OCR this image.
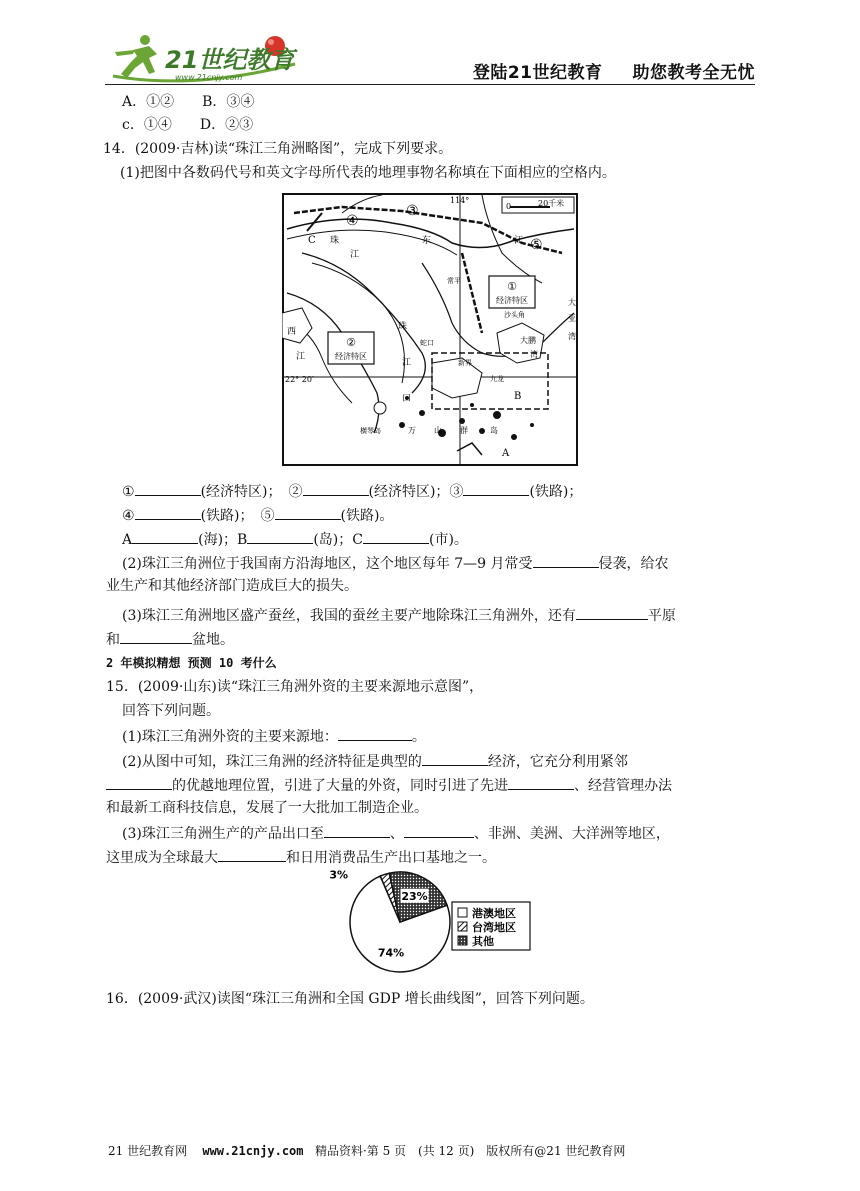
21世纪教育
www.21cnjy.com	登陆21世纪教育 助您教考全无忧
A．①②　　B．③④
c．①④　　D．②③
14．(2009·吉林)读“珠江三角洲略图”，完成下列要求。
(1)把图中各数码代号和英文字母所代表的地理事物名称填在下面相应的空格内。
0	20千米
①
经济特区
②
经济特区
④
③
⑤
114°
22° 20′
C 珠
江
东	江
常平
西
江
珠
江
口
蛇口
新界
九龙
沙头角
大鹏
湾
大
亚
湾
B
A
横琴岛	万 山 群	岛
①	(经济特区)；　②	(经济特区)；③	(铁路)；
④	(铁路)；　⑤	(铁路)。
A	(海)；B	(岛)；C	(市)。
(2)珠江三角洲位于我国南方沿海地区，这个地区每年 7—9 月常受	侵袭，给农
业生产和其他经济部门造成巨大的损失。
(3)珠江三角洲地区盛产蚕丝，我国的蚕丝主要产地除珠江三角洲外，还有	平原
和	盆地。
2 年模拟精想 预测 10 考什么
15．(2009·山东)读“珠江三角洲外资的主要来源地示意图”，
回答下列问题。
(1)珠江三角洲外资的主要来源地：	。
(2)从图中可知，珠江三角洲的经济特征是典型的	经济，它充分利用紧邻
的优越地理位置，引进了大量的外资，同时引进了先进	、经营管理办法
和最新工商科技信息，发展了一大批加工制造企业。
(3)珠江三角洲生产的产品出口至	、	、非洲、美洲、大洋洲等地区，
这里成为全球最大	和日用消费品生产出口基地之一。
74%
3%
23%
港澳地区
台湾地区
其他
16．(2009·武汉)读图“珠江三角洲和全国 GDP 增长曲线图”，回答下列问题。
21 世纪教育网 www.21cnjy.com 精品资料·第 5 页　(共 12 页)　版权所有@21 世纪教育网
